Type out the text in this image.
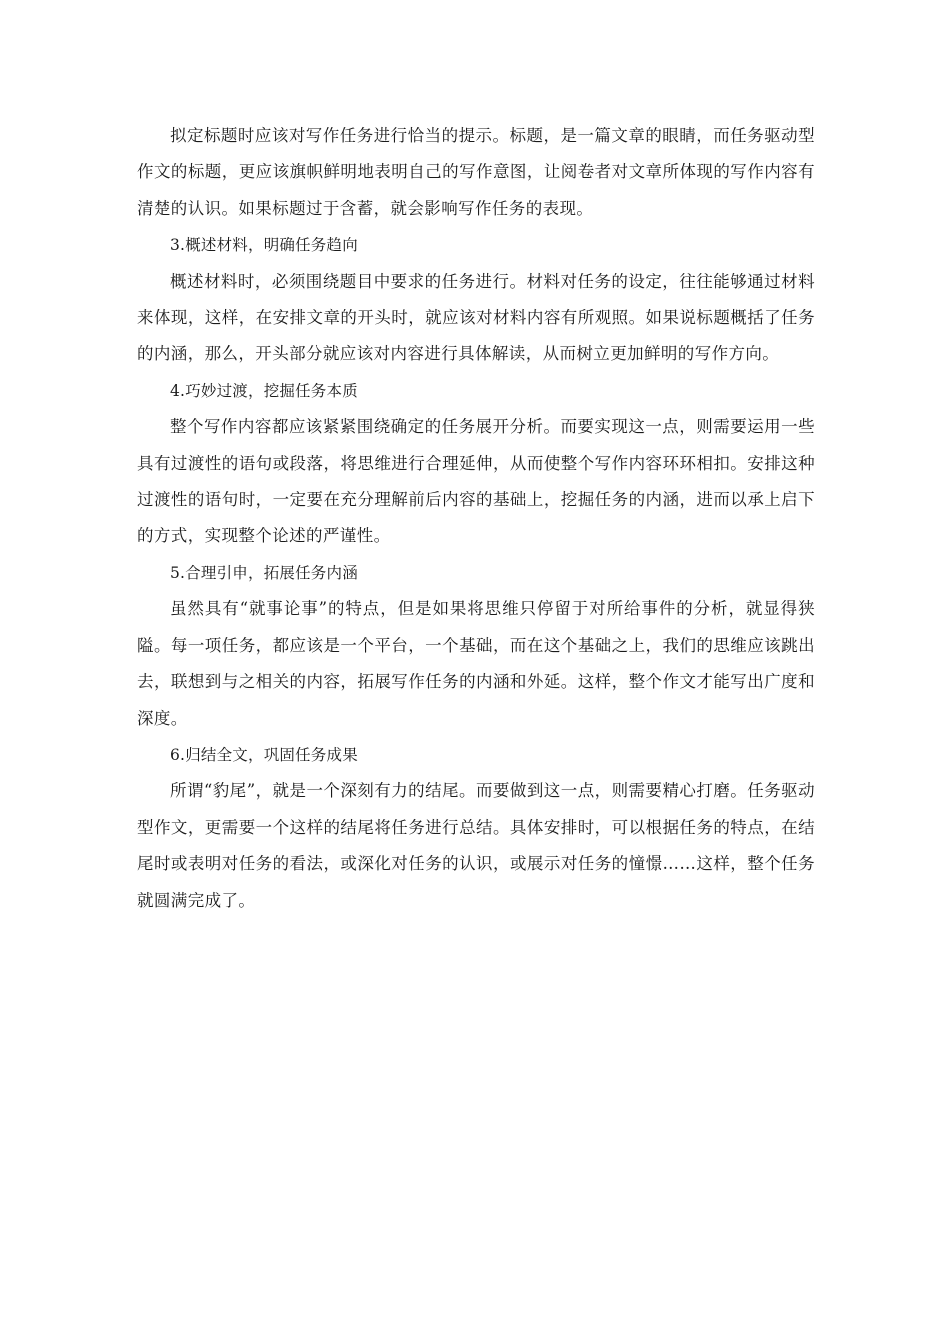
拟定标题时应该对写作任务进行恰当的提示。标题，是一篇文章的眼睛，而任务驱动型作文的标题，更应该旗帜鲜明地表明自己的写作意图，让阅卷者对文章所体现的写作内容有清楚的认识。如果标题过于含蓄，就会影响写作任务的表现。

3.概述材料，明确任务趋向

概述材料时，必须围绕题目中要求的任务进行。材料对任务的设定，往往能够通过材料来体现，这样，在安排文章的开头时，就应该对材料内容有所观照。如果说标题概括了任务的内涵，那么，开头部分就应该对内容进行具体解读，从而树立更加鲜明的写作方向。

4.巧妙过渡，挖掘任务本质

整个写作内容都应该紧紧围绕确定的任务展开分析。而要实现这一点，则需要运用一些具有过渡性的语句或段落，将思维进行合理延伸，从而使整个写作内容环环相扣。安排这种过渡性的语句时，一定要在充分理解前后内容的基础上，挖掘任务的内涵，进而以承上启下的方式，实现整个论述的严谨性。

5.合理引申，拓展任务内涵

虽然具有“就事论事”的特点，但是如果将思维只停留于对所给事件的分析，就显得狭隘。每一项任务，都应该是一个平台，一个基础，而在这个基础之上，我们的思维应该跳出去，联想到与之相关的内容，拓展写作任务的内涵和外延。这样，整个作文才能写出广度和深度。

6.归结全文，巩固任务成果

所谓“豹尾”，就是一个深刻有力的结尾。而要做到这一点，则需要精心打磨。任务驱动型作文，更需要一个这样的结尾将任务进行总结。具体安排时，可以根据任务的特点，在结尾时或表明对任务的看法，或深化对任务的认识，或展示对任务的憧憬……这样，整个任务就圆满完成了。
